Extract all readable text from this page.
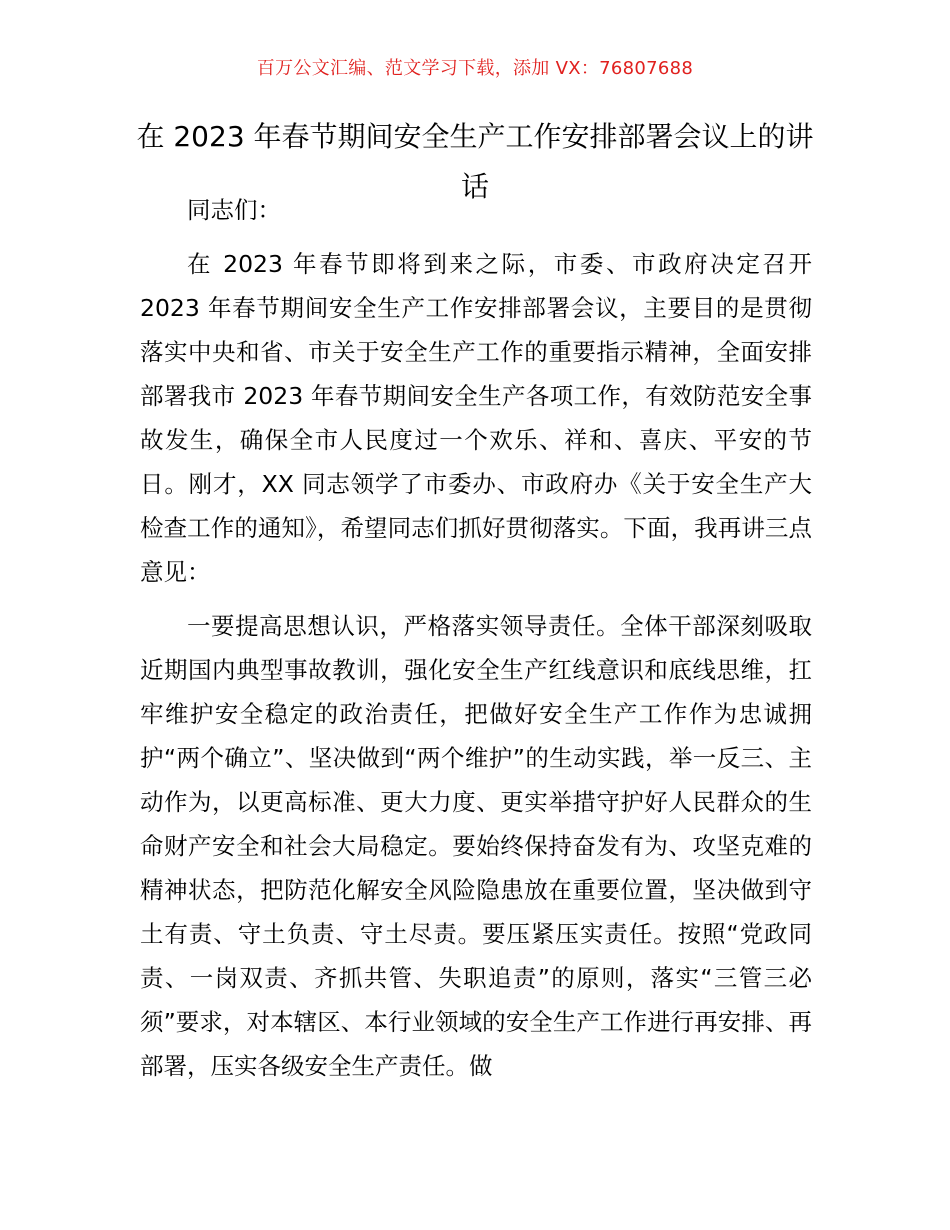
百万公文汇编、范文学习下载，添加 VX：76807688
在 2023 年春节期间安全生产工作安排部署会议上的讲话

同志们：

在 2023 年春节即将到来之际，市委、市政府决定召开 2023 年春节期间安全生产工作安排部署会议，主要目的是贯彻落实中央和省、市关于安全生产工作的重要指示精神，全面安排部署我市 2023 年春节期间安全生产各项工作，有效防范安全事故发生，确保全市人民度过一个欢乐、祥和、喜庆、平安的节日。刚才，XX 同志领学了市委办、市政府办《关于安全生产大检查工作的通知》，希望同志们抓好贯彻落实。下面，我再讲三点意见：

一要提高思想认识，严格落实领导责任。全体干部深刻吸取近期国内典型事故教训，强化安全生产红线意识和底线思维，扛牢维护安全稳定的政治责任，把做好安全生产工作作为忠诚拥护“两个确立”、坚决做到“两个维护”的生动实践，举一反三、主动作为，以更高标准、更大力度、更实举措守护好人民群众的生命财产安全和社会大局稳定。要始终保持奋发有为、攻坚克难的精神状态，把防范化解安全风险隐患放在重要位置，坚决做到守土有责、守土负责、守土尽责。要压紧压实责任。按照“党政同责、一岗双责、齐抓共管、失职追责”的原则，落实“三管三必须”要求，对本辖区、本行业领域的安全生产工作进行再安排、再部署，压实各级安全生产责任。做
